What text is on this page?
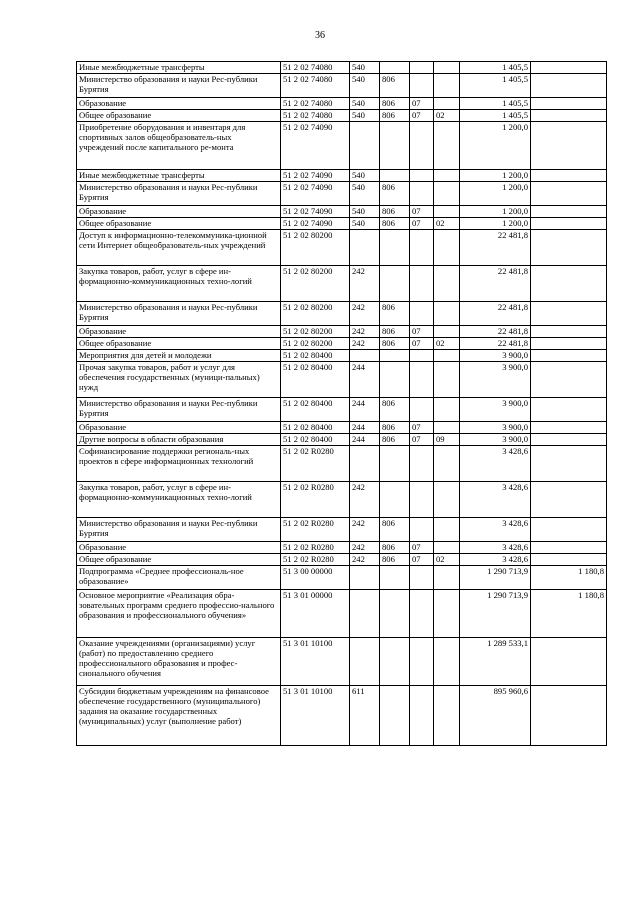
36
Иные межбюджетные трансферты	51 2 02 74080	540				1 405,5	
Министерство образования и науки Рес-публики Бурятия	51 2 02 74080	540	806			1 405,5	
Образование	51 2 02 74080	540	806	07		1 405,5	
Общее образование	51 2 02 74080	540	806	07	02	1 405,5	
Приобретение оборудования и инвентаря для спортивных залов общеобразователь-ных учреждений после капитального ре-монта	51 2 02 74090					1 200,0	
Иные межбюджетные трансферты	51 2 02 74090	540				1 200,0	
Министерство образования и науки Рес-публики Бурятия	51 2 02 74090	540	806			1 200,0	
Образование	51 2 02 74090	540	806	07		1 200,0	
Общее образование	51 2 02 74090	540	806	07	02	1 200,0	
Доступ к информационно-телекоммуника-ционной сети Интернет общеобразователь-ных учреждений	51 2 02 80200					22 481,8	
Закупка товаров, работ, услуг в сфере ин-формационно-коммуникационных техно-логий	51 2 02 80200	242				22 481,8	
Министерство образования и науки Рес-публики Бурятия	51 2 02 80200	242	806			22 481,8	
Образование	51 2 02 80200	242	806	07		22 481,8	
Общее образование	51 2 02 80200	242	806	07	02	22 481,8	
Мероприятия для детей и молодежи	51 2 02 80400					3 900,0	
Прочая закупка товаров, работ и услуг для обеспечения государственных (муници-пальных) нужд	51 2 02 80400	244				3 900,0	
Министерство образования и науки Рес-публики Бурятия	51 2 02 80400	244	806			3 900,0	
Образование	51 2 02 80400	244	806	07		3 900,0	
Другие вопросы в области образования	51 2 02 80400	244	806	07	09	3 900,0	
Софинансирование поддержки региональ-ных проектов в сфере информационных технологий	51 2 02 R0280					3 428,6	
Закупка товаров, работ, услуг в сфере ин-формационно-коммуникационных техно-логий	51 2 02 R0280	242				3 428,6	
Министерство образования и науки Рес-публики Бурятия	51 2 02 R0280	242	806			3 428,6	
Образование	51 2 02 R0280	242	806	07		3 428,6	
Общее образование	51 2 02 R0280	242	806	07	02	3 428,6	
Подпрограмма «Среднее профессиональ-ное образование»	51 3 00 00000					1 290 713,9	1 180,8
Основное мероприятие «Реализация обра-зовательных программ среднего профессио-нального образования и профессионального обучения»	51 3 01 00000					1 290 713,9	1 180,8
Оказание учреждениями (организациями) услуг (работ) по предоставлению среднего профессионального образования и профес-сионального обучения	51 3 01 10100					1 289 533,1	
Субсидии бюджетным учреждениям на финансовое обеспечение государственного (муниципального) задания на оказание государственных (муниципальных) услуг (выполнение работ)	51 3 01 10100	611				895 960,6	
